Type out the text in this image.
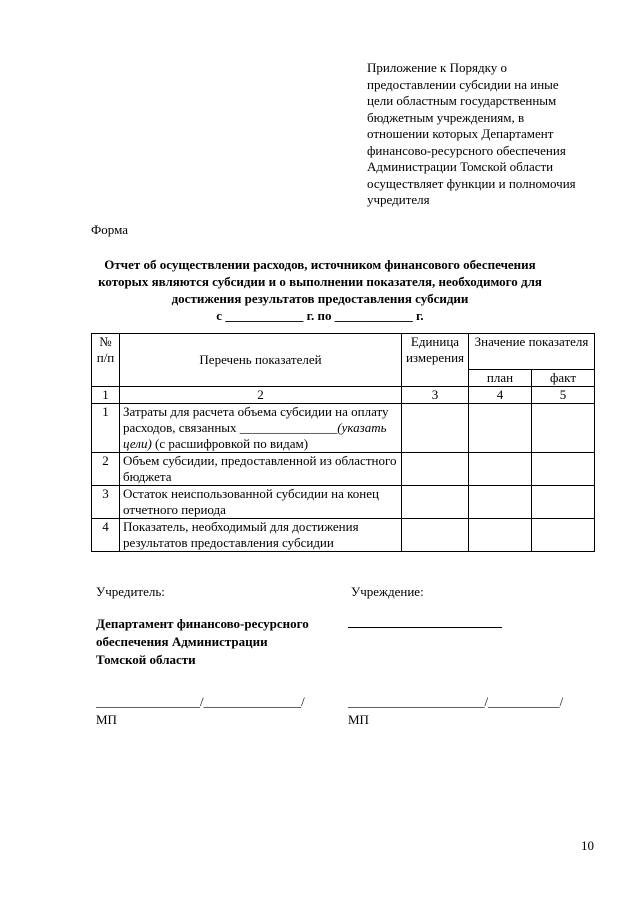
Приложение к Порядку о
предоставлении субсидии на иные
цели областным государственным
бюджетным учреждениям, в
отношении которых Департамент
финансово-ресурсного обеспечения
Администрации Томской области
осуществляет функции и полномочия
учредителя
Форма
Отчет об осуществлении расходов, источником финансового обеспечения
которых являются субсидии и о выполнении показателя, необходимого для
достижения результатов предоставления субсидии
с ____________ г. по ____________ г.
№ п/п	Перечень показателей	Единица измерения	Значение показателя	
			план	факт
1	2	3	4	5
1	Затраты для расчета объема субсидии на оплату расходов, связанных _______________(указать цели) (с расшифровкой по видам)			
2	Объем субсидии, предоставленной из областного бюджета			
3	Остаток неиспользованной субсидии на конец отчетного периода			
4	Показатель, необходимый для достижения результатов предоставления субсидии			
Учредитель:	Учреждение:
Департамент финансово-ресурсного
обеспечения Администрации
Томской области
________________/_______________/	_____________________/___________/
МП	МП
10
